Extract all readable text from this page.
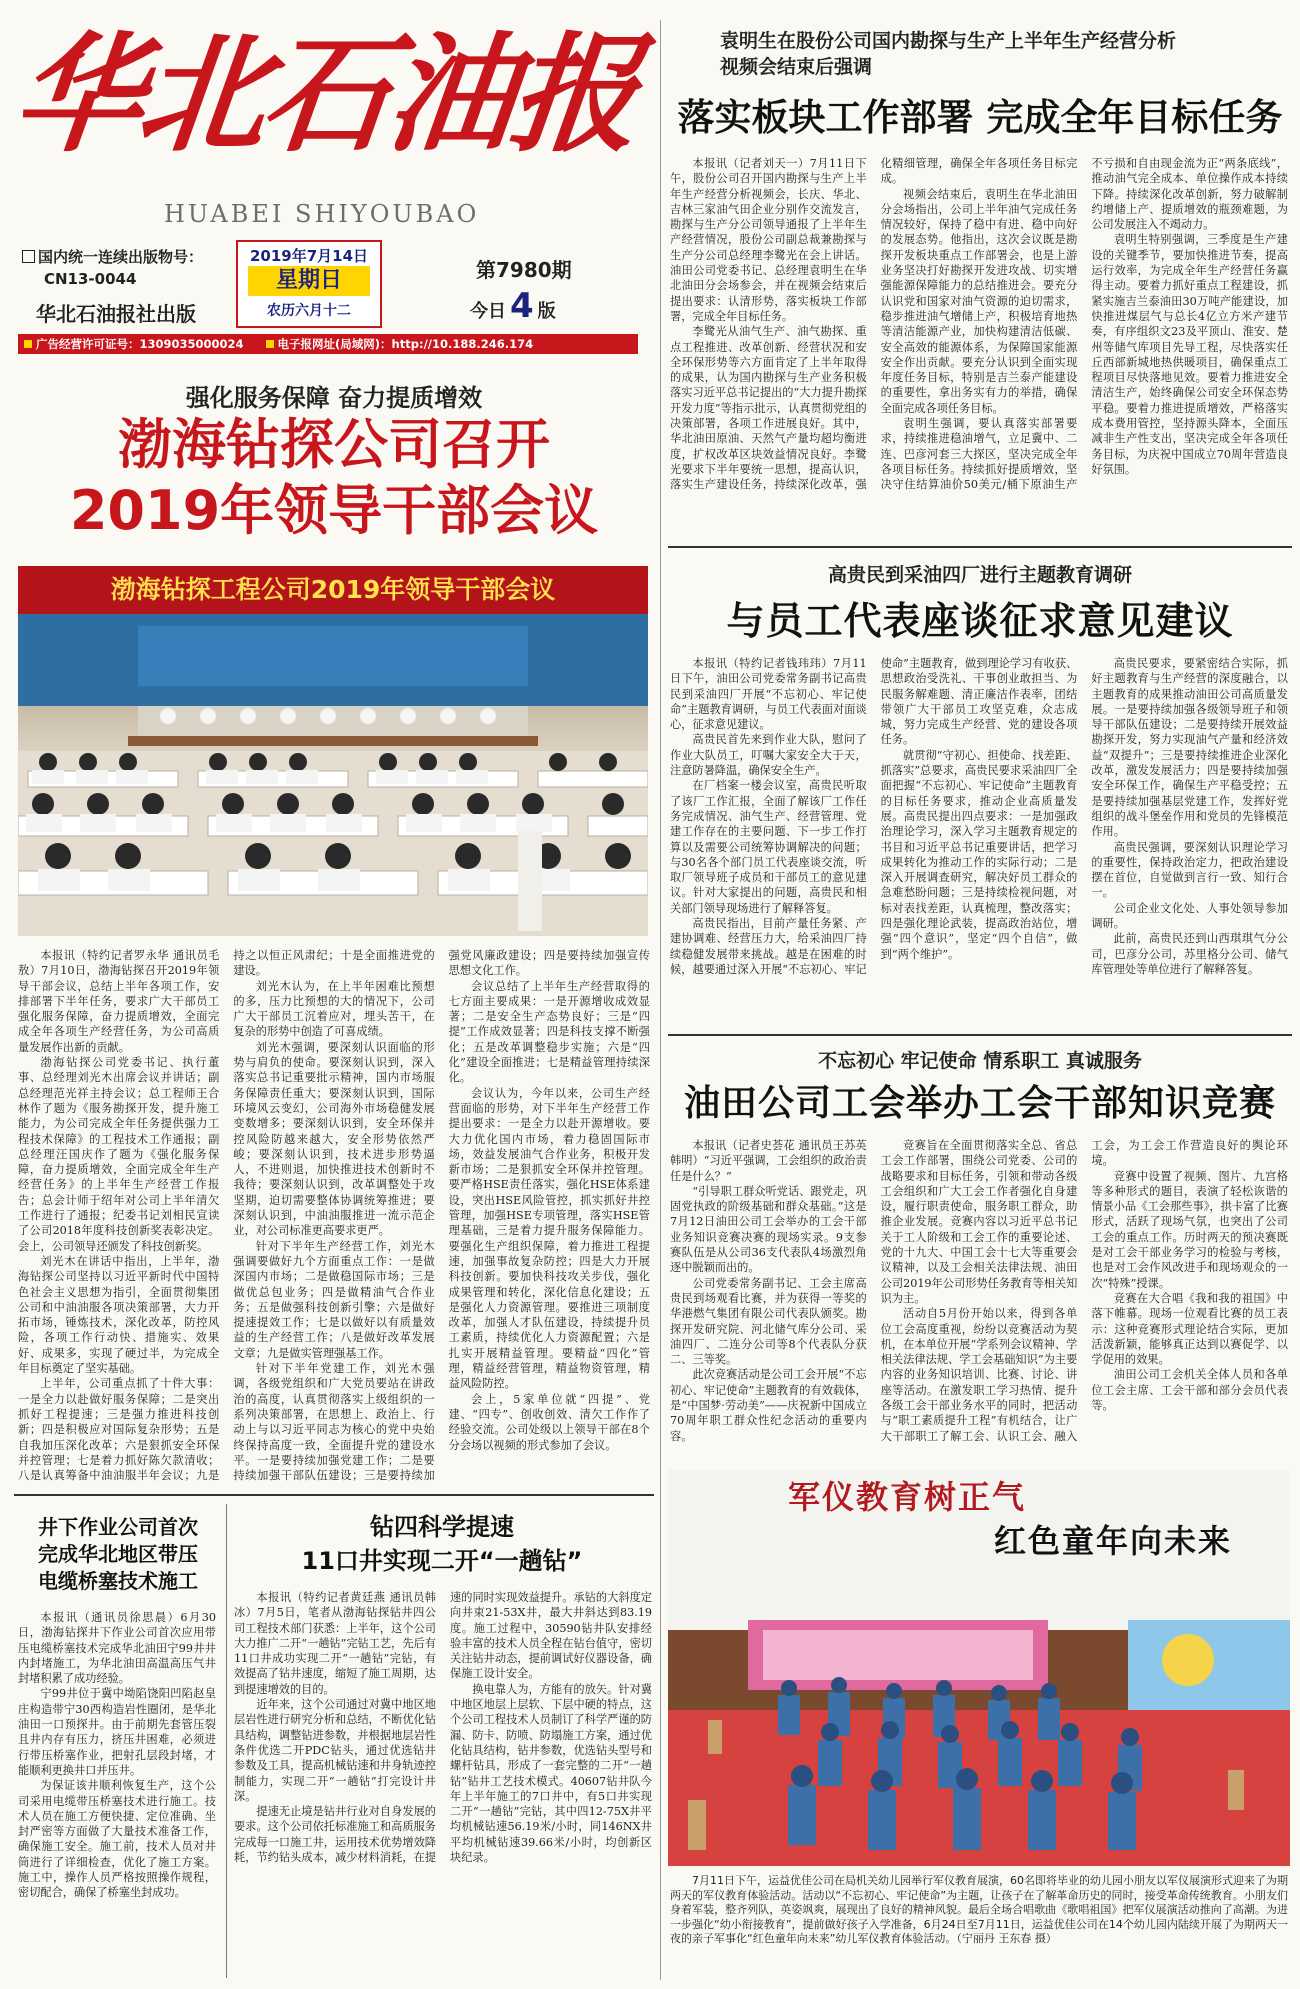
华北石油报
HUABEI SHIYOUBAO
国内统一连续出版物号：
CN13-0044
华北石油报社出版
2019年7月14日
星期日
农历六月十二
第7980期
今日 4 版
广告经营许可证号：1309035000024	电子报网址(局域网)：http://10.188.246.174
强化服务保障 奋力提质增效
渤海钻探公司召开
2019年领导干部会议
渤海钻探工程公司2019年领导干部会议

本报讯（特约记者罗永华 通讯员毛敖）7月10日，渤海钻探召开2019年领导干部会议，总结上半年各项工作，安排部署下半年任务，要求广大干部员工强化服务保障，奋力提质增效，全面完成全年各项生产经营任务，为公司高质量发展作出新的贡献。

渤海钻探公司党委书记、执行董事、总经理刘光木出席会议并讲话；副总经理范光祥主持会议；总工程师王合林作了题为《服务勘探开发，提升施工能力，为公司完成全年任务提供强力工程技术保障》的工程技术工作通报；副总经理汪国庆作了题为《强化服务保障，奋力提质增效，全面完成全年生产经营任务》的上半年生产经营工作报告；总会计师于绍年对公司上半年清欠工作进行了通报；纪委书记刘相民宣读了公司2018年度科技创新奖表彰决定。会上，公司领导还颁发了科技创新奖。

刘光木在讲话中指出，上半年，渤海钻探公司坚持以习近平新时代中国特色社会主义思想为指引，全面贯彻集团公司和中油油服各项决策部署，大力开拓市场，锤炼技术，深化改革，防控风险，各项工作行动快、措施实、效果好、成果多，实现了硬过半，为完成全年目标奠定了坚实基础。

上半年，公司重点抓了十件大事：一是全力以赴做好服务保障；二是突出抓好工程提速；三是强力推进科技创新；四是积极应对国际复杂形势；五是自我加压深化改革；六是狠抓安全环保并控管理；七是着力抓好陈欠款清收；八是认真筹备中油油服半年会议；九是持之以恒正风肃纪；十是全面推进党的建设。

刘光木认为，在上半年困难比预想的多，压力比预想的大的情况下，公司广大干部员工沉着应对，埋头苦干，在复杂的形势中创造了可喜成绩。

刘光木强调，要深刻认识面临的形势与肩负的使命。要深刻认识到，深入落实总书记重要批示精神，国内市场服务保障责任重大；要深刻认识到，国际环境风云变幻，公司海外市场稳健发展变数增多；要深刻认识到，安全环保并控风险防越来越大，安全形势依然严峻；要深刻认识到，技术进步形势逼人，不进则退，加快推进技术创新时不我待；要深刻认识到，改革调整处于攻坚期，迫切需要整体协调统筹推进；要深刻认识到，中油油服推进一流示范企业，对公司标准更高要求更严。

针对下半年生产经营工作，刘光木强调要做好九个方面重点工作：一是做深国内市场；二是做稳国际市场；三是做优总包业务；四是做精油气合作业务；五是做强科技创新引擎；六是做好提速提效工作；七是以做好以有质量效益的生产经营工作；八是做好改革发展文章；九是做实管理强基工作。

针对下半年党建工作，刘光木强调，各级党组织和广大党员要站在讲政治的高度，认真贯彻落实上级组织的一系列决策部署，在思想上、政治上、行动上与以习近平同志为核心的党中央始终保持高度一致，全面提升党的建设水平。一是要持续加强党建工作；二是要持续加强干部队伍建设；三是要持续加强党风廉政建设；四是要持续加强宣传思想文化工作。

会议总结了上半年生产经营取得的七方面主要成果：一是开源增收成效显著；二是安全生产态势良好；三是“四提”工作成效显著；四是科技支撑不断强化；五是改革调整稳步实施；六是“四化”建设全面推进；七是精益管理持续深化。

会议认为，今年以来，公司生产经营面临的形势，对下半年生产经营工作提出要求：一是全力以赴开源增收。要大力优化国内市场，着力稳固国际市场，效益发展油气合作业务，积极开发新市场；二是狠抓安全环保并控管理。要严格HSE责任落实，强化HSE体系建设，突出HSE风险管控，抓实抓好井控管理，加强HSE专项管理，落实HSE管理基础，三是着力提升服务保障能力。要强化生产组织保障，着力推进工程提速，加强事故复杂防控；四是大力开展科技创新。要加快科技攻关步伐，强化成果管理和转化，深化信息化建设；五是强化人力资源管理。要推进三项制度改革，加强人才队伍建设，持续提升员工素质，持续优化人力资源配置；六是扎实开展精益管理。要精益“四化”管理，精益经营管理，精益物资管理，精益风险防控。

会上，5家单位就“四提”、党建、“四专”、创收创效、清欠工作作了经验交流。公司处级以上领导干部在8个分会场以视频的形式参加了会议。

井下作业公司首次
完成华北地区带压
电缆桥塞技术施工

本报讯（通讯员徐思晨）6月30日，渤海钻探井下作业公司首次应用带压电缆桥塞技术完成华北油田宁99井井内封堵施工，为华北油田高温高压气井封堵积累了成功经验。

宁99井位于冀中坳陷饶阳凹陷赵皇庄构造带宁30西构造岩性圈闭，是华北油田一口预探井。由于前期先套管压裂且井内存有压力，挤压井困难，必须进行带压桥塞作业，把射孔层段封堵，才能顺利更换井口并压井。

为保证该井顺利恢复生产，这个公司采用电缆带压桥塞技术进行施工。技术人员在施工方便快捷、定位准确、坐封严密等方面做了大量技术准备工作，确保施工安全。施工前，技术人员对井筒进行了详细检查，优化了施工方案。施工中，操作人员严格按照操作规程，密切配合，确保了桥塞坐封成功。

钻四科学提速
11口井实现二开“一趟钻”

本报讯（特约记者黄廷燕 通讯员韩冰）7月5日，笔者从渤海钻探钻井四公司工程技术部门获悉：上半年，这个公司大力推广二开“一趟钻”完钻工艺，先后有11口井成功实现二开“一趟钻”完钻，有效提高了钻井速度，缩短了施工周期，达到提速增效的目的。

近年来，这个公司通过对冀中地区地层岩性进行研究分析和总结，不断优化钻具结构，调整钻进参数，并根据地层岩性条件优选二开PDC钻头，通过优选钻井参数及工具，提高机械钻速和井身轨迹控制能力，实现二开“一趟钻”打完设计井深。

提速无止境是钻井行业对自身发展的要求。这个公司依托标准施工和高质服务完成每一口施工井，运用技术优势增效降耗，节约钻头成本，减少材料消耗，在提速的同时实现效益提升。承钻的大斜度定向井束21-53X井，最大井斜达到83.19度。施工过程中，30590钻井队安排经验丰富的技术人员全程在钻台值守，密切关注钻井动态，提前调试好仪器设备，确保施工设计安全。

换电靠人为，方能有的放矢。针对冀中地区地层上层软、下层中硬的特点，这个公司工程技术人员制订了科学严谨的防漏、防卡、防喷、防塌施工方案，通过优化钻具结构，钻井参数，优选钻头型号和螺杆钻具，形成了一套完整的二开“一趟钻”钻井工艺技术模式。40607钻井队今年上半年施工的7口井中，有5口井实现二开“一趟钻”完钻，其中四12-75X井平均机械钻速56.19米/小时，同146NX井平均机械钻速39.66米/小时，均创新区块纪录。

袁明生在股份公司国内勘探与生产上半年生产经营分析
视频会结束后强调
落实板块工作部署 完成全年目标任务

本报讯（记者刘天一）7月11日下午，股份公司召开国内勘探与生产上半年生产经营分析视频会，长庆、华北、吉林三家油气田企业分别作交流发言，勘探与生产分公司领导通报了上半年生产经营情况，股份公司副总裁兼勘探与生产分公司总经理李鹭光在会上讲话。油田公司党委书记、总经理袁明生在华北油田分会场参会，并在视频会结束后提出要求：认清形势，落实板块工作部署，完成全年目标任务。

李鹭光从油气生产、油气勘探、重点工程推进、改革创新、经营状况和安全环保形势等六方面肯定了上半年取得的成果，认为国内勘探与生产业务积极落实习近平总书记提出的“大力提升勘探开发力度”等指示批示，认真贯彻党组的决策部署，各项工作进展良好。其中，华北油田原油、天然气产量均超均衡进度，扩权改革区块效益情况良好。李鹭光要求下半年要统一思想，提高认识，落实生产建设任务，持续深化改革，强化精细管理，确保全年各项任务目标完成。

视频会结束后，袁明生在华北油田分会场指出，公司上半年油气完成任务情况较好，保持了稳中有进、稳中向好的发展态势。他指出，这次会议既是勘探开发板块重点工作部署会，也是上游业务坚决打好勘探开发进攻战、切实增强能源保障能力的总结推进会。要充分认识党和国家对油气资源的迫切需求，稳步推进油气增储上产，积极培育地热等清洁能源产业，加快构建清洁低碳、安全高效的能源体系，为保障国家能源安全作出贡献。要充分认识到全面实现年度任务目标，特别是吉兰泰产能建设的重要性，拿出务实有力的举措，确保全面完成各项任务目标。

袁明生强调，要认真落实部署要求，持续推进稳油增气，立足冀中、二连、巴彦河套三大探区，坚决完成全年各项目标任务。持续抓好提质增效，坚决守住结算油价50美元/桶下原油生产不亏损和自由现金流为正“两条底线”，推动油气完全成本、单位操作成本持续下降。持续深化改革创新，努力破解制约增储上产、提质增效的瓶颈难题，为公司发展注入不竭动力。

袁明生特别强调，三季度是生产建设的关键季节，要加快推进节奏，提高运行效率，为完成全年生产经营任务赢得主动。要着力抓好重点工程建设，抓紧实施吉兰泰油田30万吨产能建设，加快推进煤层气与总长4亿立方米产建节奏，有序组织文23及平顶山、淮安、楚州等储气库项目先导工程，尽快落实任丘西部新城地热供暖项目，确保重点工程项目尽快落地见效。要着力推进安全清洁生产，始终确保公司安全环保态势平稳。要着力推进提质增效，严格落实成本费用管控，坚持源头降本，全面压减非生产性支出，坚决完成全年各项任务目标，为庆祝中国成立70周年营造良好氛围。

高贵民到采油四厂进行主题教育调研
与员工代表座谈征求意见建议

本报讯（特约记者钱玮玮）7月11日下午，油田公司党委常务副书记高贵民到采油四厂开展“不忘初心、牢记使命”主题教育调研，与员工代表面对面谈心，征求意见建议。

高贵民首先来到作业大队，慰问了作业大队员工，叮嘱大家安全大于天，注意防暑降温，确保安全生产。

在厂档案一楼会议室，高贵民听取了该厂工作汇报，全面了解该厂工作任务完成情况、油气生产、经营管理、党建工作存在的主要问题、下一步工作打算以及需要公司统筹协调解决的问题；与30名各个部门员工代表座谈交流，听取厂领导班子成员和干部员工的意见建议。针对大家提出的问题，高贵民和相关部门领导现场进行了解释答复。

高贵民指出，目前产量任务紧、产建协调难、经营压力大，给采油四厂持续稳健发展带来挑战。越是在困难的时候，越要通过深入开展“不忘初心、牢记使命”主题教育，做到理论学习有收获、思想政治受洗礼、干事创业敢担当、为民服务解难题、清正廉洁作表率，团结带领广大干部员工攻坚克难，众志成城，努力完成生产经营、党的建设各项任务。

就贯彻“守初心、担使命、找差距、抓落实”总要求，高贵民要求采油四厂全面把握“不忘初心、牢记使命”主题教育的目标任务要求，推动企业高质量发展。高贵民提出四点要求：一是加强政治理论学习，深入学习主题教育规定的书目和习近平总书记重要讲话，把学习成果转化为推动工作的实际行动；二是深入开展调查研究，解决好员工群众的急难愁盼问题；三是持续检视问题，对标对表找差距，认真梳理，整改落实；四是强化理论武装，提高政治站位，增强“四个意识”，坚定“四个自信”，做到“两个维护”。

高贵民要求，要紧密结合实际，抓好主题教育与生产经营的深度融合，以主题教育的成果推动油田公司高质量发展。一是要持续加强各级领导班子和领导干部队伍建设；二是要持续开展效益勘探开发，努力实现油气产量和经济效益“双提升”；三是要持续推进企业深化改革，激发发展活力；四是要持续加强安全环保工作，确保生产平稳受控；五是要持续加强基层党建工作，发挥好党组织的战斗堡垒作用和党员的先锋模范作用。

高贵民强调，要深刻认识理论学习的重要性，保持政治定力，把政治建设摆在首位，自觉做到言行一致、知行合一。

公司企业文化处、人事处领导参加调研。

此前，高贵民还到山西琪琪气分公司，巴彦分公司，苏里格分公司、储气库管理处等单位进行了解释答复。

不忘初心 牢记使命 情系职工 真诚服务
油田公司工会举办工会干部知识竞赛

本报讯（记者史荟花 通讯员王苏英 韩明）“习近平强调，工会组织的政治责任是什么？”

“引导职工群众听党话、跟党走，巩固党执政的阶级基础和群众基础。”这是7月12日油田公司工会举办的工会干部业务知识竞赛决赛的现场实录。9支参赛队伍是从公司36支代表队4场激烈角逐中脱颖而出的。

公司党委常务副书记、工会主席高贵民到场观看比赛，并为获得一等奖的华港燃气集团有限公司代表队颁奖。勘探开发研究院、河北储气库分公司、采油四厂、二连分公司等8个代表队分获二、三等奖。

此次竞赛活动是公司工会开展“不忘初心、牢记使命”主题教育的有效载体，是“中国梦·劳动美”——庆祝新中国成立70周年职工群众性纪念活动的重要内容。

竞赛旨在全面贯彻落实全总、省总工会工作部署，围绕公司党委、公司的战略要求和目标任务，引领和带动各级工会组织和广大工会工作者强化自身建设，履行职责使命，服务职工群众，助推企业发展。竞赛内容以习近平总书记关于工人阶级和工会工作的重要论述、党的十九大、中国工会十七大等重要会议精神，以及工会相关法律法规、油田公司2019年公司形势任务教育等相关知识为主。

活动自5月份开始以来，得到各单位工会高度重视，纷纷以竞赛活动为契机，在本单位开展“学系列会议精神、学相关法律法规、学工会基础知识”为主要内容的业务知识培训、比赛、讨论、讲座等活动。在激发职工学习热情、提升各级工会干部业务水平的同时，把活动与“职工素质提升工程”有机结合，让广大干部职工了解工会、认识工会、融入工会，为工会工作营造良好的舆论环境。

竞赛中设置了视频、图片、九宫格等多种形式的题目，表演了轻松诙谐的情景小品《工会那些事》，拱卡富了比赛形式，活跃了现场气氛，也突出了公司工会的重点工作。历时两天的预决赛既是对工会干部业务学习的检验与考核，也是对工会作风改进手和现场观众的一次“特殊”授课。

竞赛在大合唱《我和我的祖国》中落下帷幕。现场一位观看比赛的员工表示：这种竞赛形式理论结合实际，更加活泼新颖，能够真正达到以赛促学、以学促用的效果。

油田公司工会机关全体人员和各单位工会主席、工会干部和部分会员代表等。

军仪教育树正气
红色童年向未来

7月11日下午，运益优佳公司在局机关幼儿园举行军仪教育展演，60名即将毕业的幼儿园小朋友以军仪展演形式迎来了为期两天的军仪教育体验活动。活动以“不忘初心、牢记使命”为主题，让孩子在了解革命历史的同时，接受革命传统教育。小朋友们身着军装，整齐列队，英姿飒爽，展现出了良好的精神风貌。最后全场合唱歌曲《歌唱祖国》把军仪展演活动推向了高潮。为进一步强化“幼小衔接教育”，提前做好孩子入学准备，6月24日至7月11日，运益优佳公司在14个幼儿园内陆续开展了为期两天一夜的亲子军事化“红色童年向未来”幼儿军仪教育体验活动。（宁丽丹 王东春 摄）
